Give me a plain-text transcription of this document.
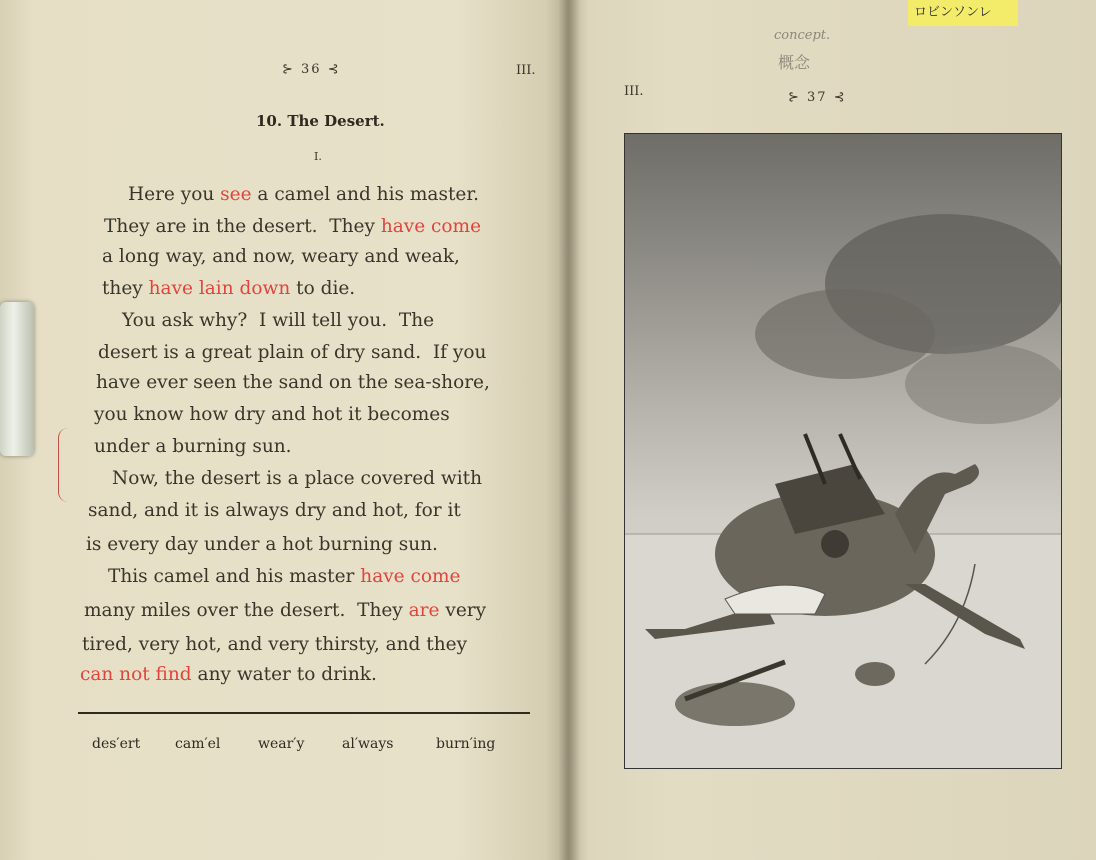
⊱ 36 ⊰	III.
10. The Desert.
I.
Here you see a camel and his master.
They are in the desert.  They have come
a long way, and now, weary and weak,
they have lain down to die.
You ask why?  I will tell you.  The
desert is a great plain of dry sand.  If you
have ever seen the sand on the sea-shore,
you know how dry and hot it becomes
under a burning sun.
Now, the desert is a place covered with
sand, and it is always dry and hot, for it
is every day under a hot burning sun.
This camel and his master have come
many miles over the desert.  They are very
tired, very hot, and very thirsty, and they
can not find any water to drink.
des′ert cam′el	wear′y	al′ways	burn′ing
III.	⊱ 37 ⊰
concept.
概念
ロビンソンレ
